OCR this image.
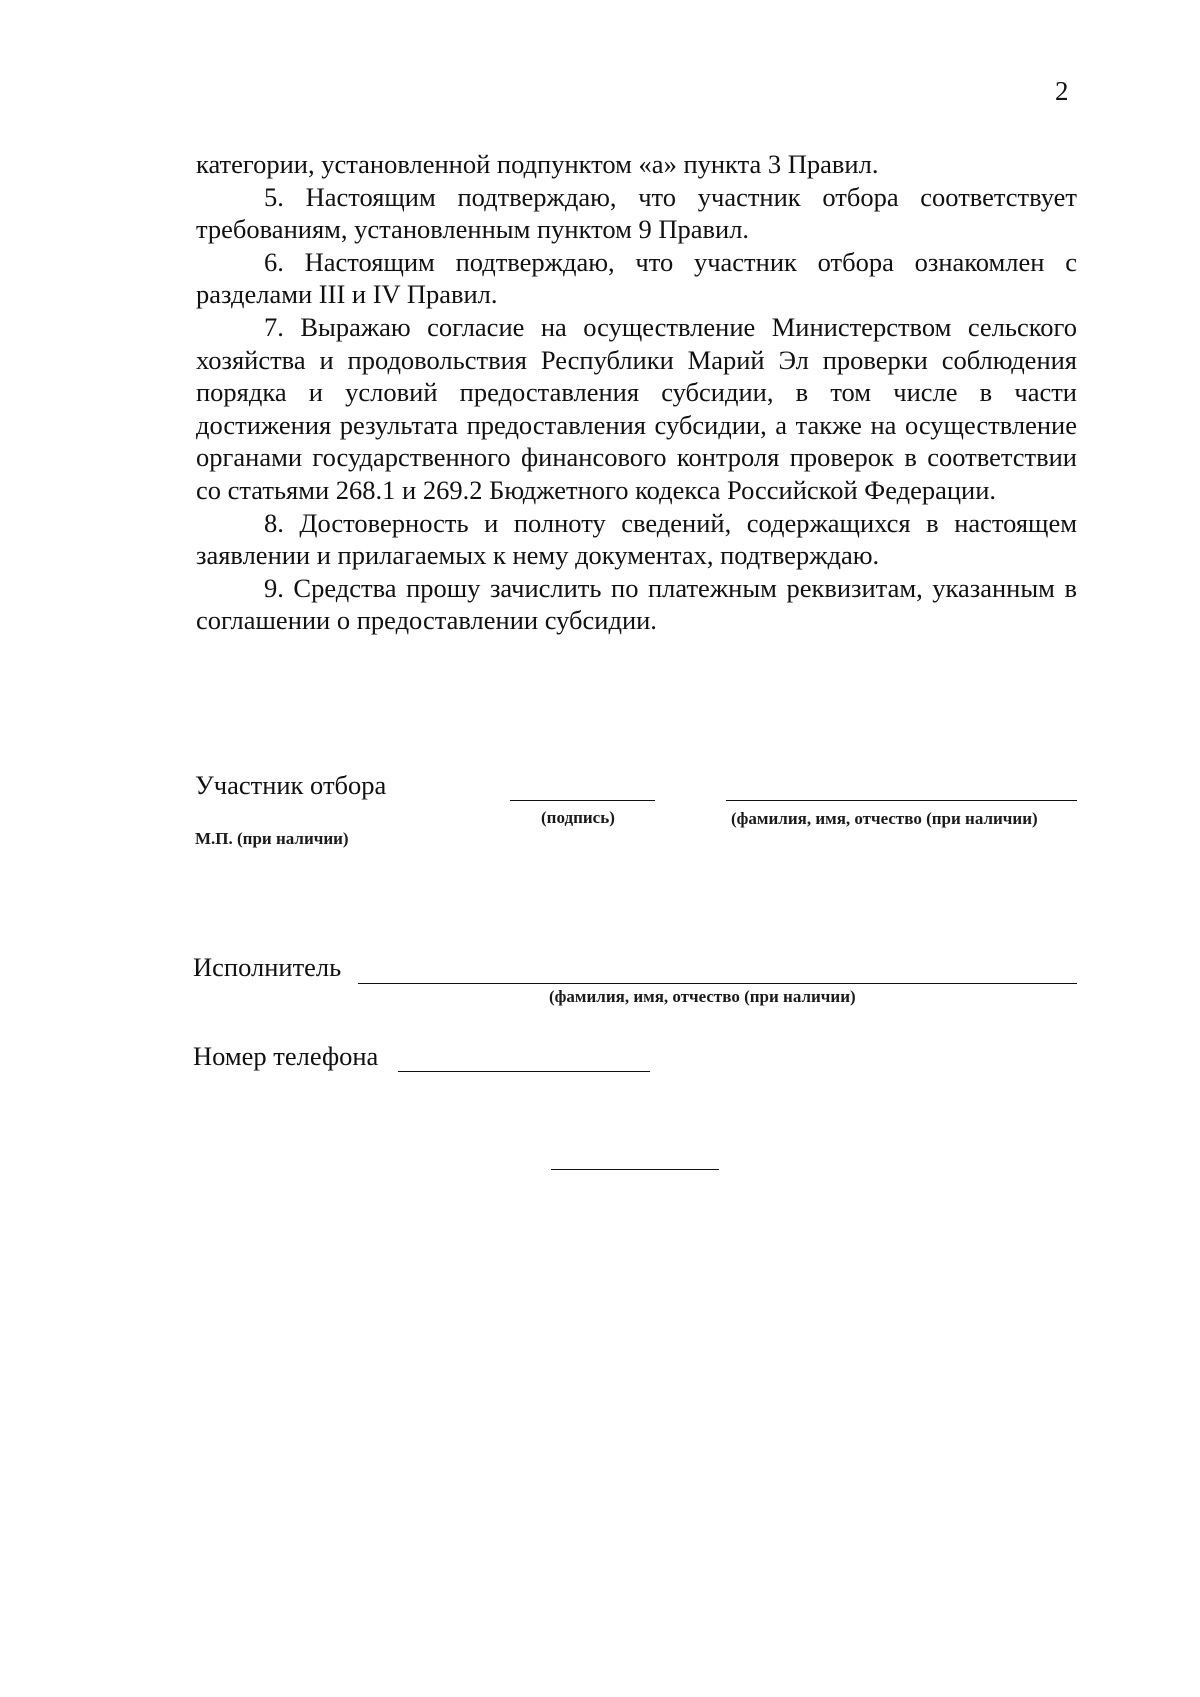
2

категории, установленной подпунктом «а» пункта 3 Правил.

5. Настоящим подтверждаю, что участник отбора соответствует требованиям, установленным пунктом 9 Правил.

6. Настоящим подтверждаю, что участник отбора ознакомлен с разделами III и IV Правил.

7. Выражаю согласие на осуществление Министерством сельского хозяйства и продовольствия Республики Марий Эл проверки соблюдения порядка и условий предоставления субсидии, в том числе в части достижения результата предоставления субсидии, а также на осуществление органами государственного финансового контроля проверок в соответствии со статьями 268.1 и 269.2 Бюджетного кодекса Российской Федерации.

8. Достоверность и полноту сведений, содержащихся в настоящем заявлении и прилагаемых к нему документах, подтверждаю.

9. Средства прошу зачислить по платежным реквизитам, указанным в соглашении о предоставлении субсидии.

Участник отбора
(подпись)	(фамилия, имя, отчество (при наличии)
М.П. (при наличии)
Исполнитель
(фамилия, имя, отчество (при наличии)
Номер телефона
